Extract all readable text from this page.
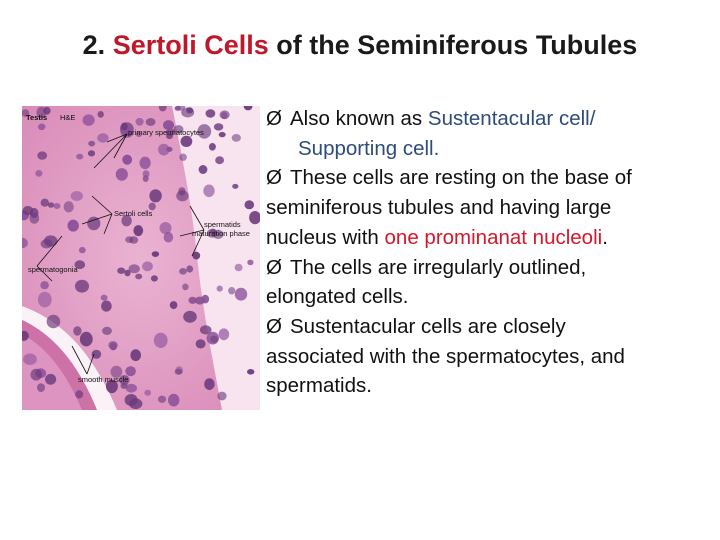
2. Sertoli Cells of the Seminiferous Tubules
Testis H&E
primary spermatocytes
Sertoli cells
spermatids
maturation phase
spermatogonia
smooth muscle
Ø Also known as Sustentacular cell/
Supporting cell.
Ø These cells are resting on the base of
seminiferous tubules and having large
nucleus with one prominanat nucleoli.
Ø The cells are irregularly outlined,
elongated cells.
Ø Sustentacular cells are closely
associated with the spermatocytes, and
spermatids.
